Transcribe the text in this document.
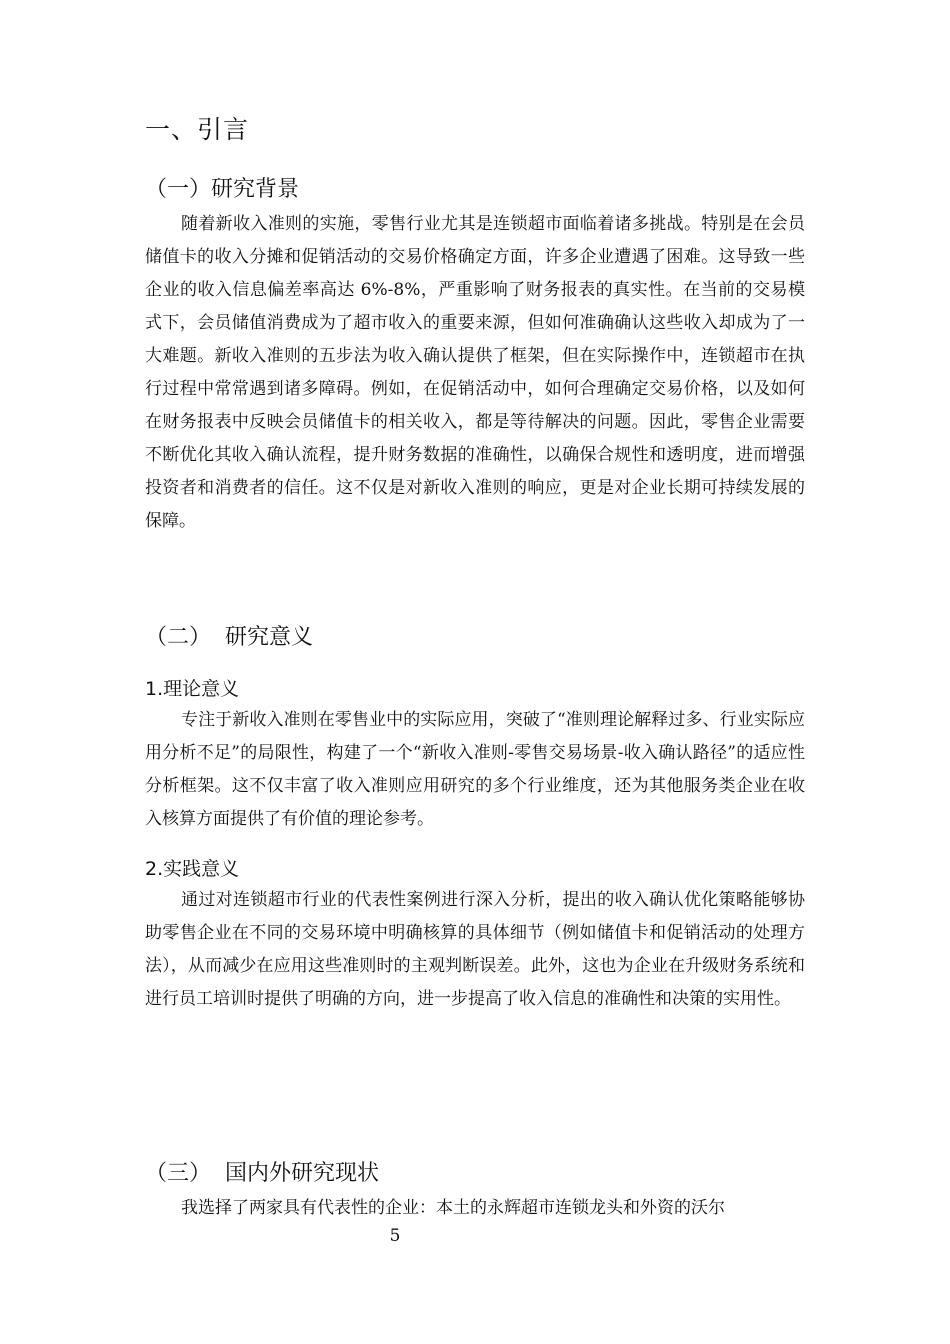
一、引言
（一）研究背景

随着新收入准则的实施，零售行业尤其是连锁超市面临着诸多挑战。特别是在会员储值卡的收入分摊和促销活动的交易价格确定方面，许多企业遭遇了困难。这导致一些企业的收入信息偏差率高达 6%-8%，严重影响了财务报表的真实性。在当前的交易模式下，会员储值消费成为了超市收入的重要来源，但如何准确确认这些收入却成为了一大难题。新收入准则的五步法为收入确认提供了框架，但在实际操作中，连锁超市在执行过程中常常遇到诸多障碍。例如，在促销活动中，如何合理确定交易价格，以及如何在财务报表中反映会员储值卡的相关收入，都是等待解决的问题。因此，零售企业需要不断优化其收入确认流程，提升财务数据的准确性，以确保合规性和透明度，进而增强投资者和消费者的信任。这不仅是对新收入准则的响应，更是对企业长期可持续发展的保障。

（二）  研究意义
1.理论意义

专注于新收入准则在零售业中的实际应用，突破了“准则理论解释过多、行业实际应用分析不足”的局限性，构建了一个“新收入准则-零售交易场景-收入确认路径”的适应性分析框架。这不仅丰富了收入准则应用研究的多个行业维度，还为其他服务类企业在收入核算方面提供了有价值的理论参考。

2.实践意义

通过对连锁超市行业的代表性案例进行深入分析，提出的收入确认优化策略能够协助零售企业在不同的交易环境中明确核算的具体细节（例如储值卡和促销活动的处理方法），从而减少在应用这些准则时的主观判断误差。此外，这也为企业在升级财务系统和进行员工培训时提供了明确的方向，进一步提高了收入信息的准确性和决策的实用性。

（三）  国内外研究现状

我选择了两家具有代表性的企业：本土的永辉超市连锁龙头和外资的沃尔

5
